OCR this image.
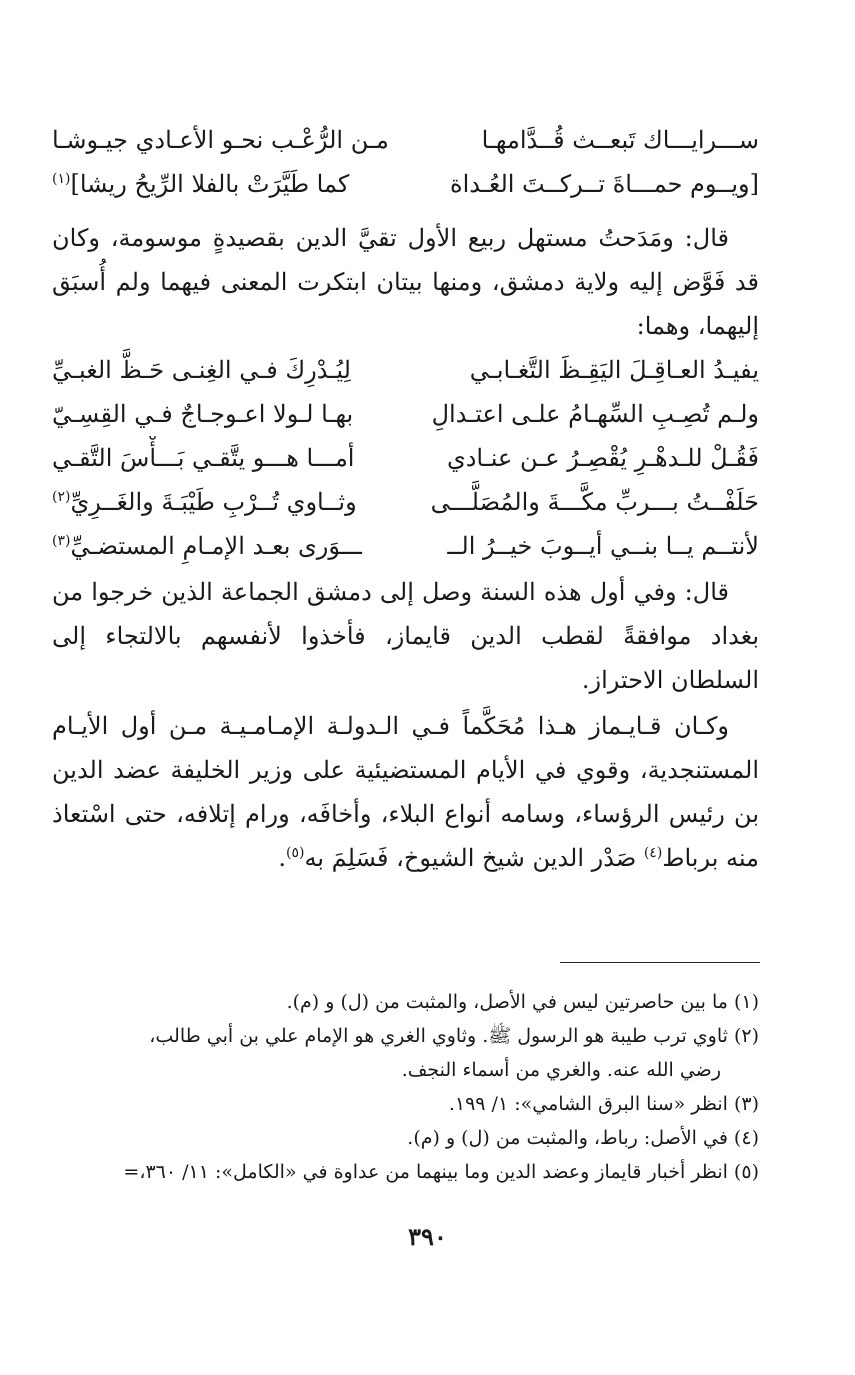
ســـرايـــاك تَبعــث قُــدَّامهـا
مـن الرُّعْـب نحـو الأعـادي جيـوشـا
[ويــوم حمـــاةَ تــركــتَ العُـداة
كما طَيَّرَتْ بالفلا الرِّيحُ ريشا]$^{(١)}$

قال: ومَدَحتُ مستهل ربيع الأول تقيَّ الدين بقصيدةٍ موسومة، وكان قد فَوَّض إليه ولاية دمشق، ومنها بيتان ابتكرت المعنى فيهما ولم أُسبَق إليهما، وهما:

يفيـدُ العـاقِـلَ اليَقِـظَ التَّغـابـي
لِيُـدْرِكَ فـي الغِنـى حَـظَّ الغبـيِّ
ولـم تُصِـبِ السِّهـامُ علـى اعتـدالِ
بهـا لـولا اعـوجـاجٌ فـي القِسِـيّ
فَقُـلْ للـدهْـرِ يُقْصِـرُ عـن عنـادي
أمـــا هـــو يتَّقـي بَـــأْسَ التَّقـي
حَلَفْــتُ بـــربِّ مكَّـــةَ والمُصَلَّـــى
وثــاوي تُــرْبِ طَيْبَـةَ والغَــرِيِّ$^{(٢)}$
لأنتــم يــا بنــي أيــوبَ خيــرُ الــ
ـــوَرى بعـد الإمـامِ المستضـيِّ$^{(٣)}$

قال: وفي أول هذه السنة وصل إلى دمشق الجماعة الذين خرجوا من بغداد موافقةً لقطب الدين قايماز، فأخذوا لأنفسهم بالالتجاء إلى السلطان الاحتراز.

وكـان قـايـماز هـذا مُحَكَّماً فـي الـدولـة الإمـامـيـة مـن أول الأيـام المستنجدية، وقوي في الأيام المستضيئية على وزير الخليفة عضد الدين بن رئيس الرؤساء، وسامه أنواع البلاء، وأخافَه، ورام إتلافه، حتى اسْتعاذ منه برباط$^{(٤)}$ صَدْر الدين شيخ الشيوخ، فَسَلِمَ به$^{(٥)}$.

(١) ما بين حاصرتين ليس في الأصل، والمثبت من (ل) و (م).

(٢) ثاوي ترب طيبة هو الرسول ﷺ. وثاوي الغري هو الإمام علي بن أبي طالب،

رضي الله عنه. والغري من أسماء النجف.

(٣) انظر «سنا البرق الشامي»: ١/ ١٩٩.

(٤) في الأصل: رباط، والمثبت من (ل) و (م).

(٥) انظر أخبار قايماز وعضد الدين وما بينهما من عداوة في «الكامل»: ١١/ ٣٦٠،=

٣٩٠
